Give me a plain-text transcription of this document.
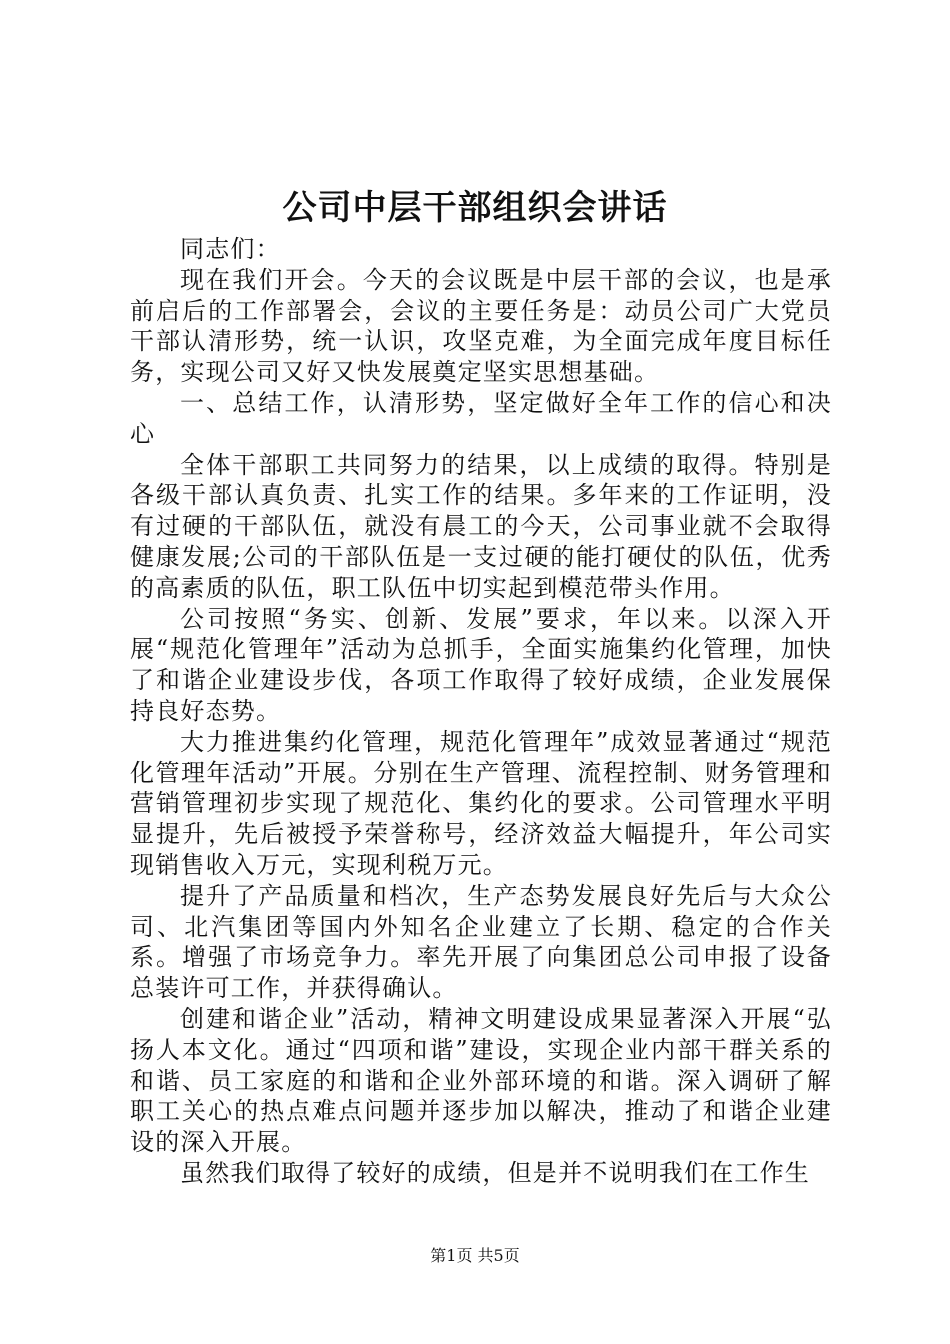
公司中层干部组织会讲话

同志们：

现在我们开会。今天的会议既是中层干部的会议，也是承前启后的工作部署会，会议的主要任务是：动员公司广大党员干部认清形势，统一认识，攻坚克难，为全面完成年度目标任务，实现公司又好又快发展奠定坚实思想基础。

一、总结工作，认清形势，坚定做好全年工作的信心和决心

全体干部职工共同努力的结果，以上成绩的取得。特别是各级干部认真负责、扎实工作的结果。多年来的工作证明，没有过硬的干部队伍，就没有晨工的今天，公司事业就不会取得健康发展;公司的干部队伍是一支过硬的能打硬仗的队伍，优秀的高素质的队伍，职工队伍中切实起到模范带头作用。

公司按照“务实、创新、发展”要求，年以来。以深入开展“规范化管理年”活动为总抓手，全面实施集约化管理，加快了和谐企业建设步伐，各项工作取得了较好成绩，企业发展保持良好态势。

大力推进集约化管理，规范化管理年”成效显著通过“规范化管理年活动”开展。分别在生产管理、流程控制、财务管理和营销管理初步实现了规范化、集约化的要求。公司管理水平明显提升，先后被授予荣誉称号，经济效益大幅提升，年公司实现销售收入万元，实现利税万元。

提升了产品质量和档次，生产态势发展良好先后与大众公司、北汽集团等国内外知名企业建立了长期、稳定的合作关系。增强了市场竞争力。率先开展了向集团总公司申报了设备总装许可工作，并获得确认。

创建和谐企业”活动，精神文明建设成果显著深入开展“弘扬人本文化。通过“四项和谐”建设，实现企业内部干群关系的和谐、员工家庭的和谐和企业外部环境的和谐。深入调研了解职工关心的热点难点问题并逐步加以解决，推动了和谐企业建设的深入开展。

虽然我们取得了较好的成绩，但是并不说明我们在工作生

第1页 共5页
